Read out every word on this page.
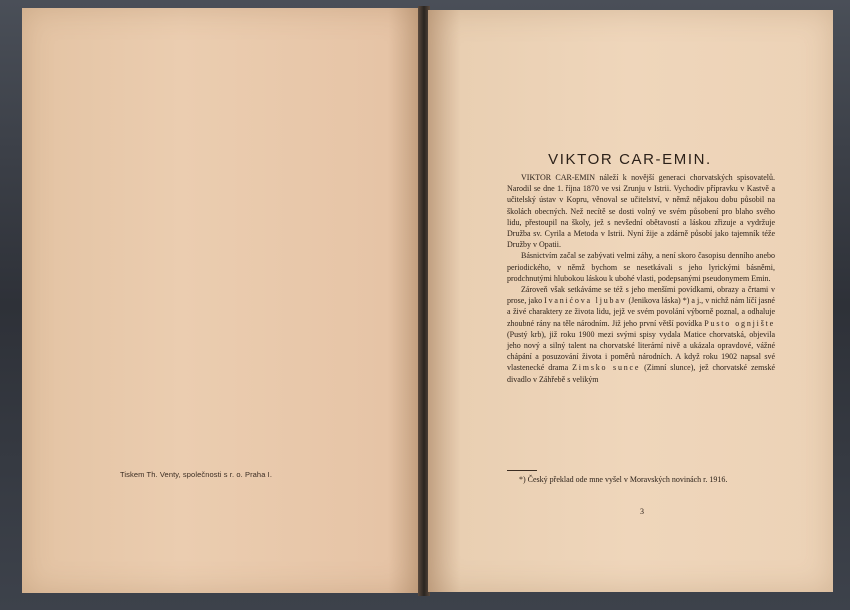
Tiskem Th. Venty, společnosti s r. o. Praha I.
VIKTOR CAR-EMIN.

VIKTOR CAR-EMIN náleží k novější generaci chorvatských spisovatelů. Narodil se dne 1. října 1870 ve vsi Zrunju v Istrii. Vychodiv přípravku v Kastvě a učitelský ústav v Kopru, věnoval se učitelství, v němž nějakou dobu působil na školách obecných. Než necítě se dosti volný ve svém působení pro blaho svého lidu, přestoupil na školy, jež s nevšední obětavostí a láskou zřizuje a vydržuje Družba sv. Cyrila a Metoda v Istrii. Nyní žije a zdárně působí jako tajemník téže Družby v Opatii.

Básnictvím začal se zabývati velmi záhy, a není skoro časopisu denního anebo periodického, v němž bychom se nesetkávali s jeho lyrickými básněmi, prodchnutými hlubokou láskou k ubohé vlasti, podepsanými pseudonymem Emin.

Zároveň však setkáváme se též s jeho menšími povídkami, obrazy a črtami v prose, jako Ivanićova ljubav (Jenikova láska) *) a j., v nichž nám líčí jasné a živé charaktery ze života lidu, jejž ve svém povolání výborně poznal, a odhaluje zhoubné rány na těle národním. Již jeho první větší povídka Pusto ognjište (Pustý krb), již roku 1900 mezi svými spisy vydala Matice chorvatská, objevila jeho nový a silný talent na chorvatské literární nivě a ukázala opravdové, vážné chápání a posuzování života i poměrů národních. A když roku 1902 napsal své vlastenecké drama Zimsko sunce (Zimní slunce), jež chorvatské zemské divadlo v Záhřebě s velikým

*) Český překlad ode mne vyšel v Moravských novinách r. 1916.
3
